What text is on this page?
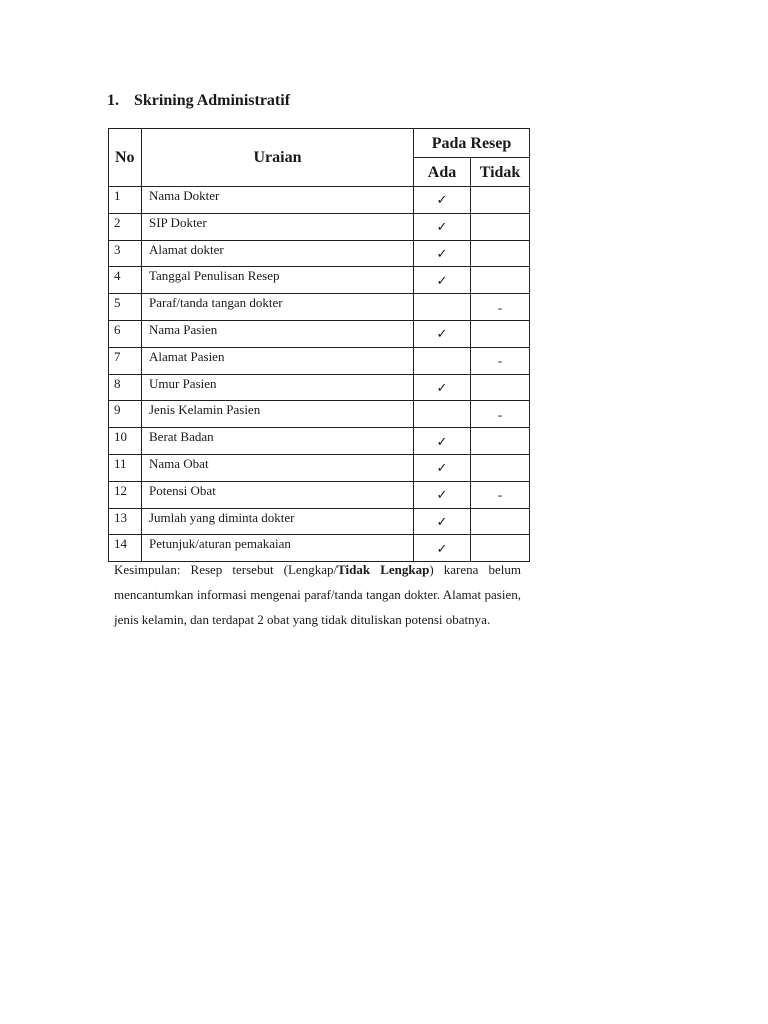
1. Skrining Administratif
No	Uraian	Pada Resep	
		Ada	Tidak
1	Nama Dokter	✓	
2	SIP Dokter	✓	
3	Alamat dokter	✓	
4	Tanggal Penulisan Resep	✓	
5	Paraf/tanda tangan dokter		-
6	Nama Pasien	✓	
7	Alamat Pasien		-
8	Umur Pasien	✓	
9	Jenis Kelamin Pasien		-
10	Berat Badan	✓	
11	Nama Obat	✓	
12	Potensi Obat	✓	-
13	Jumlah yang diminta dokter	✓	
14	Petunjuk/aturan pemakaian	✓	
Kesimpulan: Resep tersebut (Lengkap/Tidak Lengkap) karena belum mencantumkan informasi mengenai paraf/tanda tangan dokter. Alamat pasien, jenis kelamin, dan terdapat 2 obat yang tidak dituliskan potensi obatnya.
